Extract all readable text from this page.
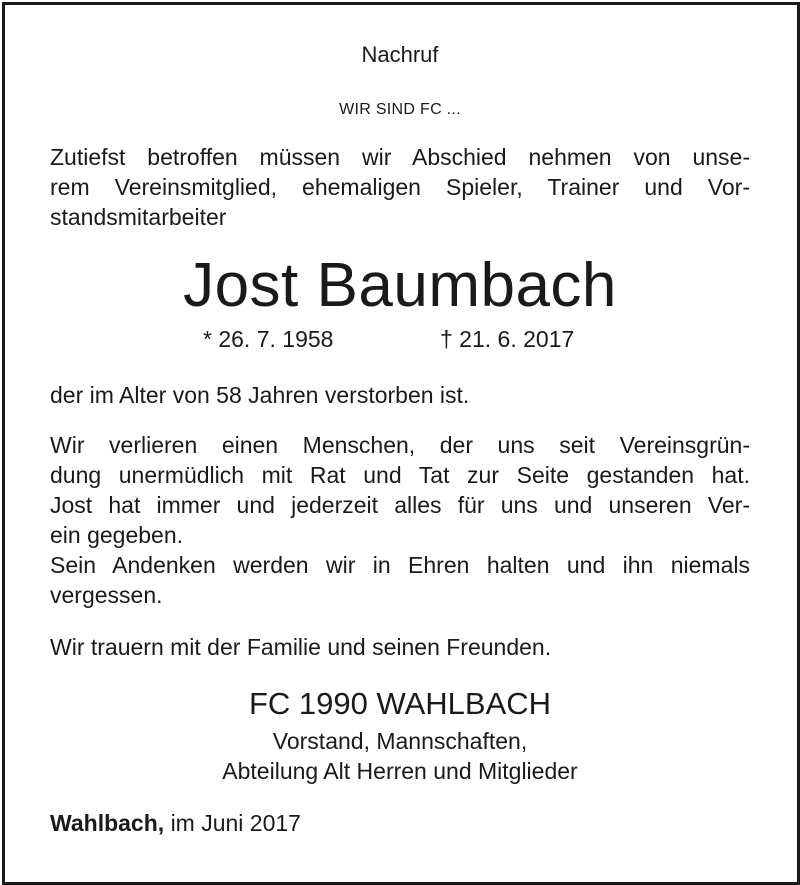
Nachruf
WIR SIND FC ...
Zutiefst betroffen müssen wir Abschied nehmen von unse-
rem Vereinsmitglied, ehemaligen Spieler, Trainer und Vor-
standsmitarbeiter
Jost Baumbach
* 26. 7. 1958	† 21. 6. 2017
der im Alter von 58 Jahren verstorben ist.
Wir verlieren einen Menschen, der uns seit Vereinsgrün-
dung unermüdlich mit Rat und Tat zur Seite gestanden hat.
Jost hat immer und jederzeit alles für uns und unseren Ver-
ein gegeben.
Sein Andenken werden wir in Ehren halten und ihn niemals
vergessen.
Wir trauern mit der Familie und seinen Freunden.
FC 1990 WAHLBACH
Vorstand, Mannschaften,
Abteilung Alt Herren und Mitglieder
Wahlbach, im Juni 2017
